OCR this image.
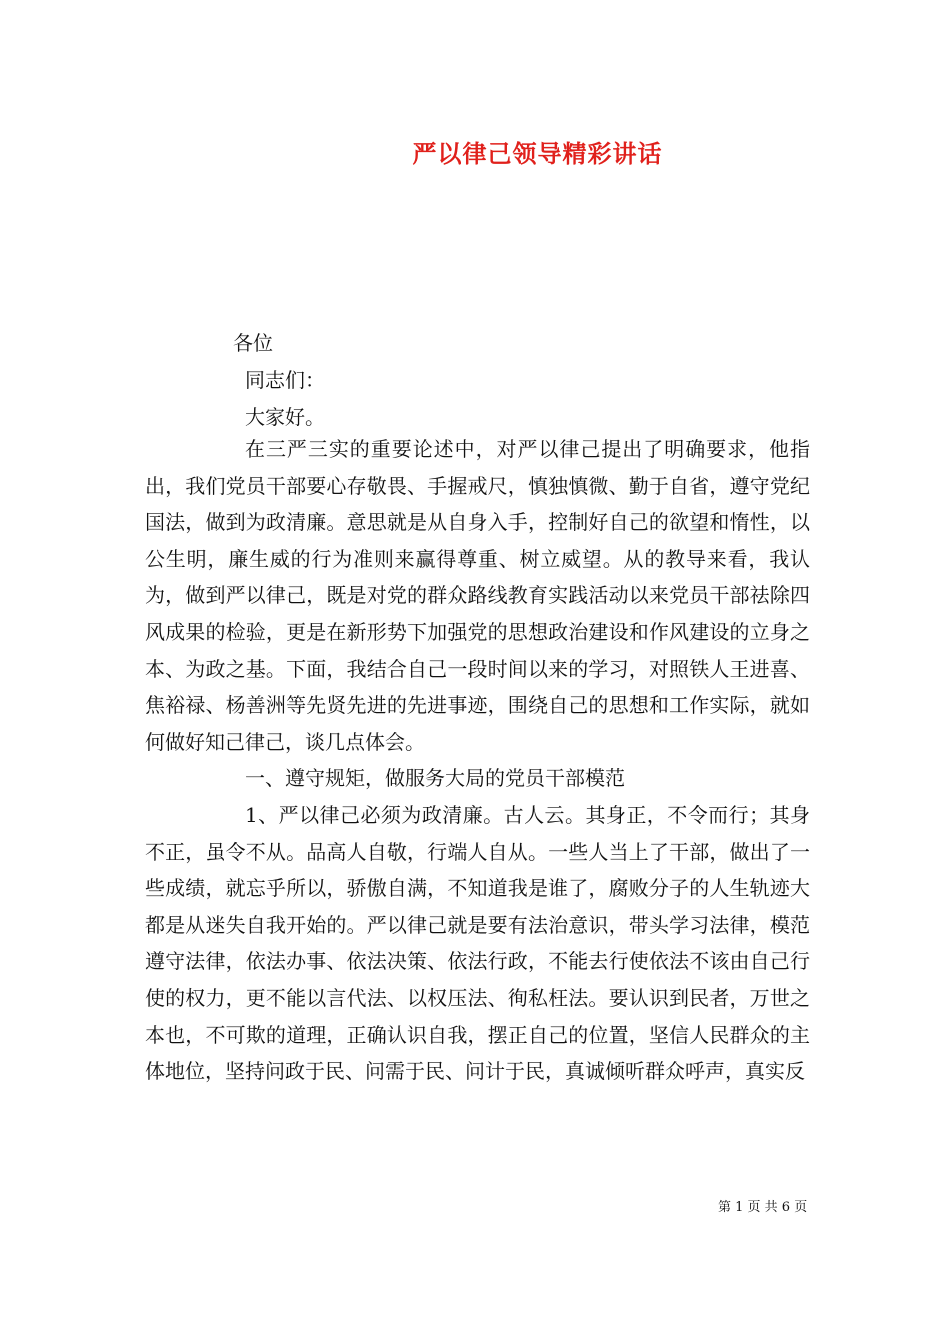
严以律己领导精彩讲话
各位
同志们：
大家好。

在三严三实的重要论述中，对严以律己提出了明确要求，他指出，我们党员干部要心存敬畏、手握戒尺，慎独慎微、勤于自省，遵守党纪国法，做到为政清廉。意思就是从自身入手，控制好自己的欲望和惰性，以公生明，廉生威的行为准则来赢得尊重、树立威望。从的教导来看，我认为，做到严以律己，既是对党的群众路线教育实践活动以来党员干部祛除四风成果的检验，更是在新形势下加强党的思想政治建设和作风建设的立身之本、为政之基。下面，我结合自己一段时间以来的学习，对照铁人王进喜、焦裕禄、杨善洲等先贤先进的先进事迹，围绕自己的思想和工作实际，就如何做好知己律己，谈几点体会。

一、遵守规矩，做服务大局的党员干部模范

1、严以律己必须为政清廉。古人云。其身正，不令而行；其身不正，虽令不从。品高人自敬，行端人自从。一些人当上了干部，做出了一些成绩，就忘乎所以，骄傲自满，不知道我是谁了，腐败分子的人生轨迹大都是从迷失自我开始的。严以律己就是要有法治意识，带头学习法律，模范遵守法律，依法办事、依法决策、依法行政，不能去行使依法不该由自己行使的权力，更不能以言代法、以权压法、徇私枉法。要认识到民者，万世之本也，不可欺的道理，正确认识自我，摆正自己的位置，坚信人民群众的主体地位，坚持问政于民、问需于民、问计于民，真诚倾听群众呼声，真实反

第 1 页 共 6 页
